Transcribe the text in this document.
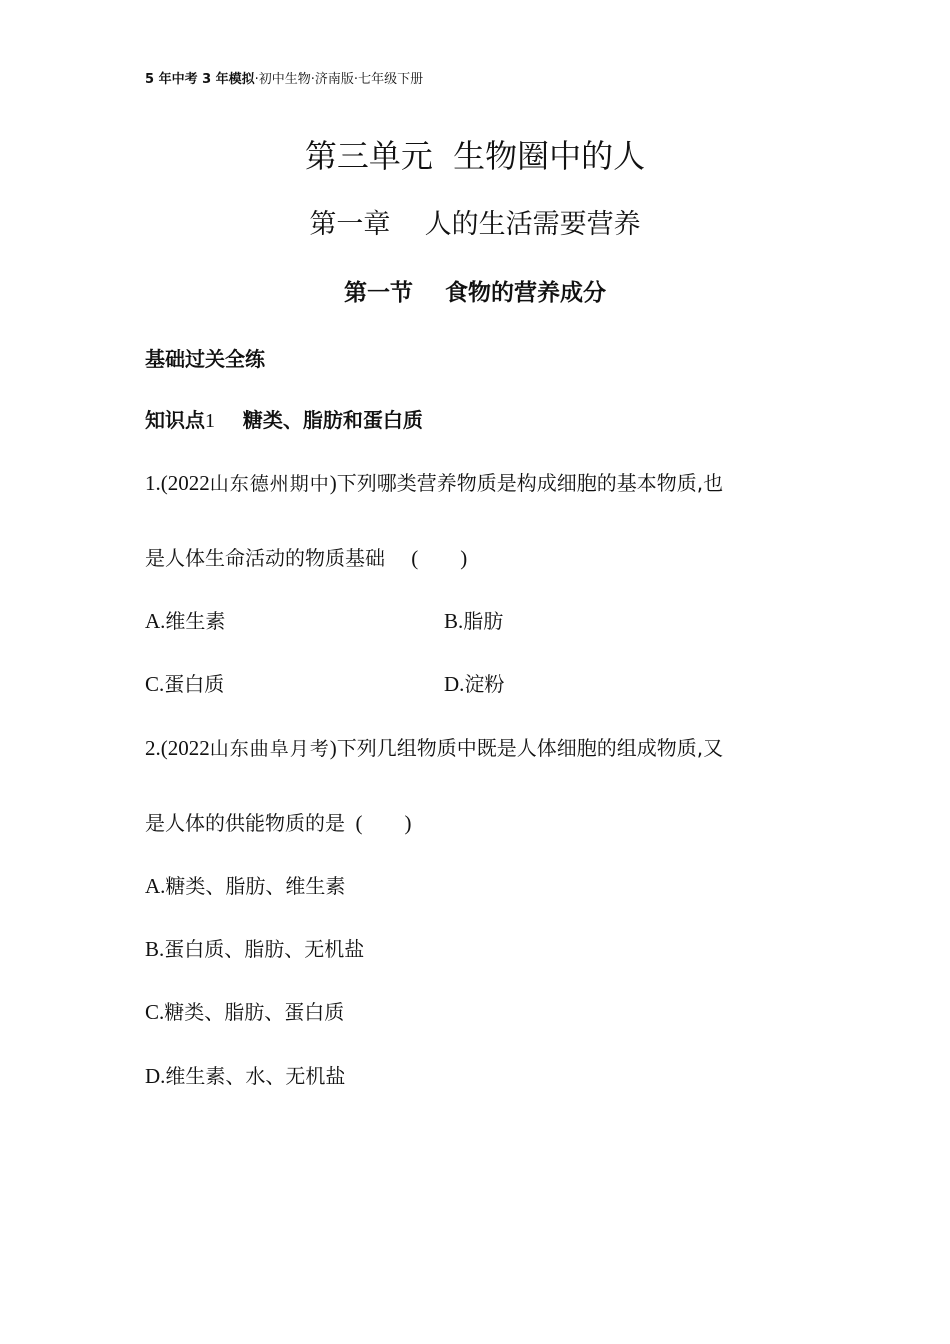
5 年中考 3 年模拟·初中生物·济南版·七年级下册
第三单元  生物圈中的人
第一章    人的生活需要营养
第一节    食物的营养成分
基础过关全练
知识点1 糖类、脂肪和蛋白质
1.(2022山东德州期中)下列哪类营养物质是构成细胞的基本物质,也
是人体生命活动的物质基础 (        )
A.维生素	B.脂肪
C.蛋白质	D.淀粉
2.(2022山东曲阜月考)下列几组物质中既是人体细胞的组成物质,又
是人体的供能物质的是 (        )
A.糖类、脂肪、维生素
B.蛋白质、脂肪、无机盐
C.糖类、脂肪、蛋白质
D.维生素、水、无机盐
